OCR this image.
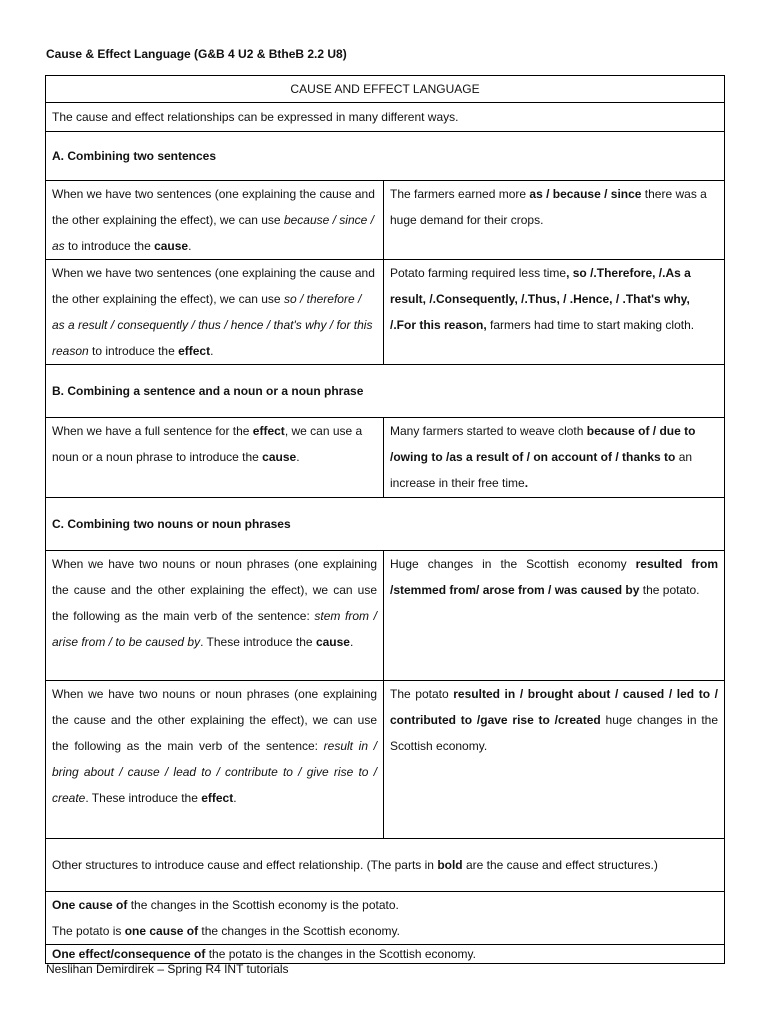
Cause & Effect Language (G&B 4 U2 & BtheB 2.2 U8)
CAUSE AND EFFECT LANGUAGE	
The cause and effect relationships can be expressed in many different ways.	
A. Combining two sentences	
When we have two sentences (one explaining the cause and the other explaining the effect), we can use because / since / as to introduce the cause.	The farmers earned more as / because / since there was a huge demand for their crops.
When we have two sentences (one explaining the cause and the other explaining the effect), we can use so / therefore / as a result / consequently / thus / hence / that's why / for this reason to introduce the effect.	Potato farming required less time, so /.Therefore, /.As a result, /.Consequently, /.Thus, / .Hence, / .That's why, /.For this reason, farmers had time to start making cloth.
B. Combining a sentence and a noun or a noun phrase	
When we have a full sentence for the effect, we can use a noun or a noun phrase to introduce the cause.	Many farmers started to weave cloth because of / due to /owing to /as a result of / on account of / thanks to an increase in their free time.
C. Combining two nouns or noun phrases	
When we have two nouns or noun phrases (one explaining the cause and the other explaining the effect), we can use the following as the main verb of the sentence: stem from / arise from / to be caused by. These introduce the cause.	Huge changes in the Scottish economy resulted from /stemmed from/ arose from / was caused by the potato.
When we have two nouns or noun phrases (one explaining the cause and the other explaining the effect), we can use the following as the main verb of the sentence: result in / bring about / cause / lead to / contribute to / give rise to / create. These introduce the effect.	The potato resulted in / brought about / caused / led to / contributed to /gave rise to /created huge changes in the Scottish economy.
Other structures to introduce cause and effect relationship. (The parts in bold are the cause and effect structures.)	

One cause of the changes in the Scottish economy is the potato.
The potato is one cause of the changes in the Scottish economy.	

One effect/consequence of the potato is the changes in the Scottish economy.	
Neslihan Demirdirek – Spring R4 INT tutorials
